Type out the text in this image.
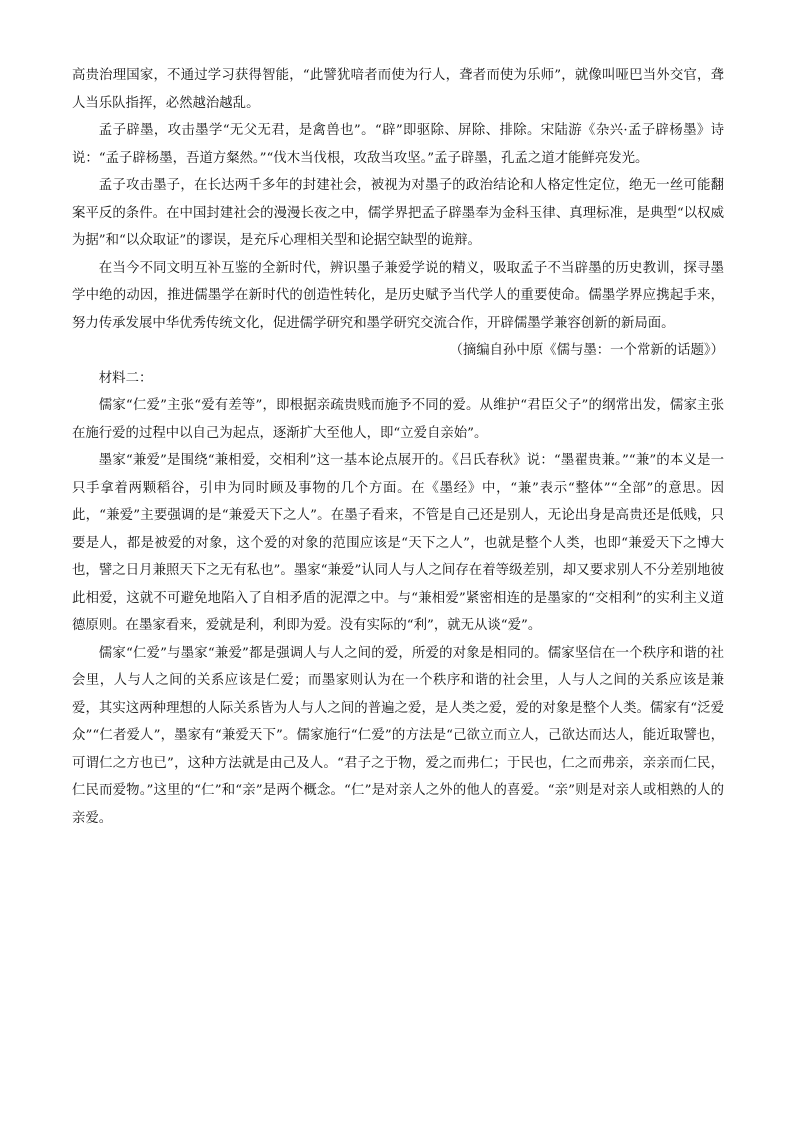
高贵治理国家，不通过学习获得智能，“此譬犹喑者而使为行人，聋者而使为乐师”，就像叫哑巴当外交官，聋人当乐队指挥，必然越治越乱。

孟子辟墨，攻击墨学“无父无君，是禽兽也”。“辟”即驱除、屏除、排除。宋陆游《杂兴·孟子辟杨墨》诗说：“孟子辟杨墨，吾道方粲然。”“伐木当伐根，攻敌当攻坚。”孟子辟墨，孔孟之道才能鲜亮发光。

孟子攻击墨子，在长达两千多年的封建社会，被视为对墨子的政治结论和人格定性定位，绝无一丝可能翻案平反的条件。在中国封建社会的漫漫长夜之中，儒学界把孟子辟墨奉为金科玉律、真理标准，是典型“以权威为据”和“以众取证”的谬误，是充斥心理相关型和论据空缺型的诡辩。

在当今不同文明互补互鉴的全新时代，辨识墨子兼爱学说的精义，吸取孟子不当辟墨的历史教训，探寻墨学中绝的动因，推进儒墨学在新时代的创造性转化，是历史赋予当代学人的重要使命。儒墨学界应携起手来，努力传承发展中华优秀传统文化，促进儒学研究和墨学研究交流合作，开辟儒墨学兼容创新的新局面。

（摘编自孙中原《儒与墨：一个常新的话题》）

材料二：

儒家“仁爱”主张“爱有差等”，即根据亲疏贵贱而施予不同的爱。从维护“君臣父子”的纲常出发，儒家主张在施行爱的过程中以自己为起点，逐渐扩大至他人，即“立爱自亲始”。

墨家“兼爱”是围绕“兼相爱，交相利”这一基本论点展开的。《吕氏春秋》说：“墨翟贵兼。”“兼”的本义是一只手拿着两颗稻谷，引申为同时顾及事物的几个方面。在《墨经》中，“兼”表示“整体”“全部”的意思。因此，“兼爱”主要强调的是“兼爱天下之人”。在墨子看来，不管是自己还是别人，无论出身是高贵还是低贱，只要是人，都是被爱的对象，这个爱的对象的范围应该是“天下之人”，也就是整个人类，也即“兼爱天下之博大也，譬之日月兼照天下之无有私也”。墨家“兼爱”认同人与人之间存在着等级差别，却又要求别人不分差别地彼此相爱，这就不可避免地陷入了自相矛盾的泥潭之中。与“兼相爱”紧密相连的是墨家的“交相利”的实利主义道德原则。在墨家看来，爱就是利，利即为爱。没有实际的“利”，就无从谈“爱”。

儒家“仁爱”与墨家“兼爱”都是强调人与人之间的爱，所爱的对象是相同的。儒家坚信在一个秩序和谐的社会里，人与人之间的关系应该是仁爱；而墨家则认为在一个秩序和谐的社会里，人与人之间的关系应该是兼爱，其实这两种理想的人际关系皆为人与人之间的普遍之爱，是人类之爱，爱的对象是整个人类。儒家有“泛爱众”“仁者爱人”，墨家有“兼爱天下”。儒家施行“仁爱”的方法是“己欲立而立人，己欲达而达人，能近取譬也，可谓仁之方也已”，这种方法就是由己及人。“君子之于物，爱之而弗仁；于民也，仁之而弗亲，亲亲而仁民，仁民而爱物。”这里的“仁”和“亲”是两个概念。“仁”是对亲人之外的他人的喜爱。“亲”则是对亲人或相熟的人的亲爱。
